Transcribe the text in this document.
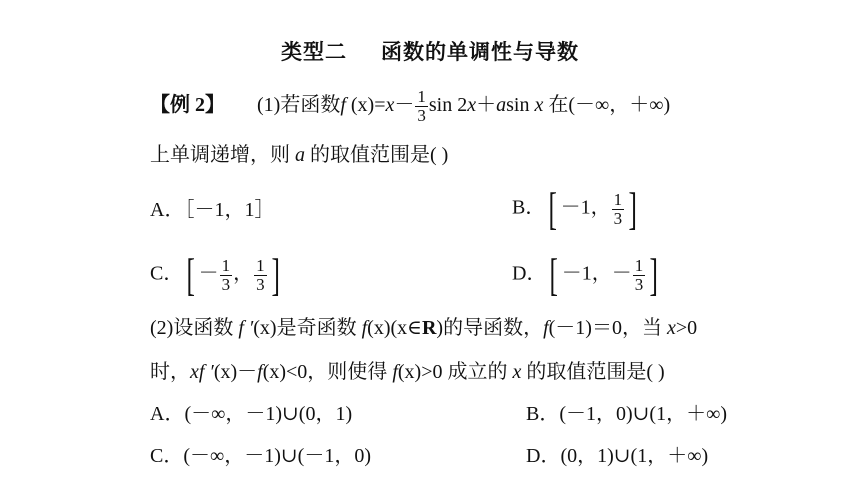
类型二 函数的单调性与导数
【例 2】 (1)若函数f $(x)=x- \frac{1}{3}$ sin 2x＋asin x 在(－∞，＋∞)
上单调递增，则 a 的取值范围是( )
A．［－1，1］	B．[ －1， $\frac{1}{3}$ ]
C．[ － $\frac{1}{3}$ ， $\frac{1}{3}$ ]	D．[ －1，－ $\frac{1}{3}$ ]
(2)设函数 f ′(x)是奇函数 f(x)(x∈R)的导函数，f(－1)＝0，当 x>0
时，xf ′(x)－f(x)<0，则使得 f(x)>0 成立的 x 的取值范围是( )
A．(－∞，－1)∪(0，1)	B．(－1，0)∪(1，＋∞)
C．(－∞，－1)∪(－1，0)	D．(0，1)∪(1，＋∞)
